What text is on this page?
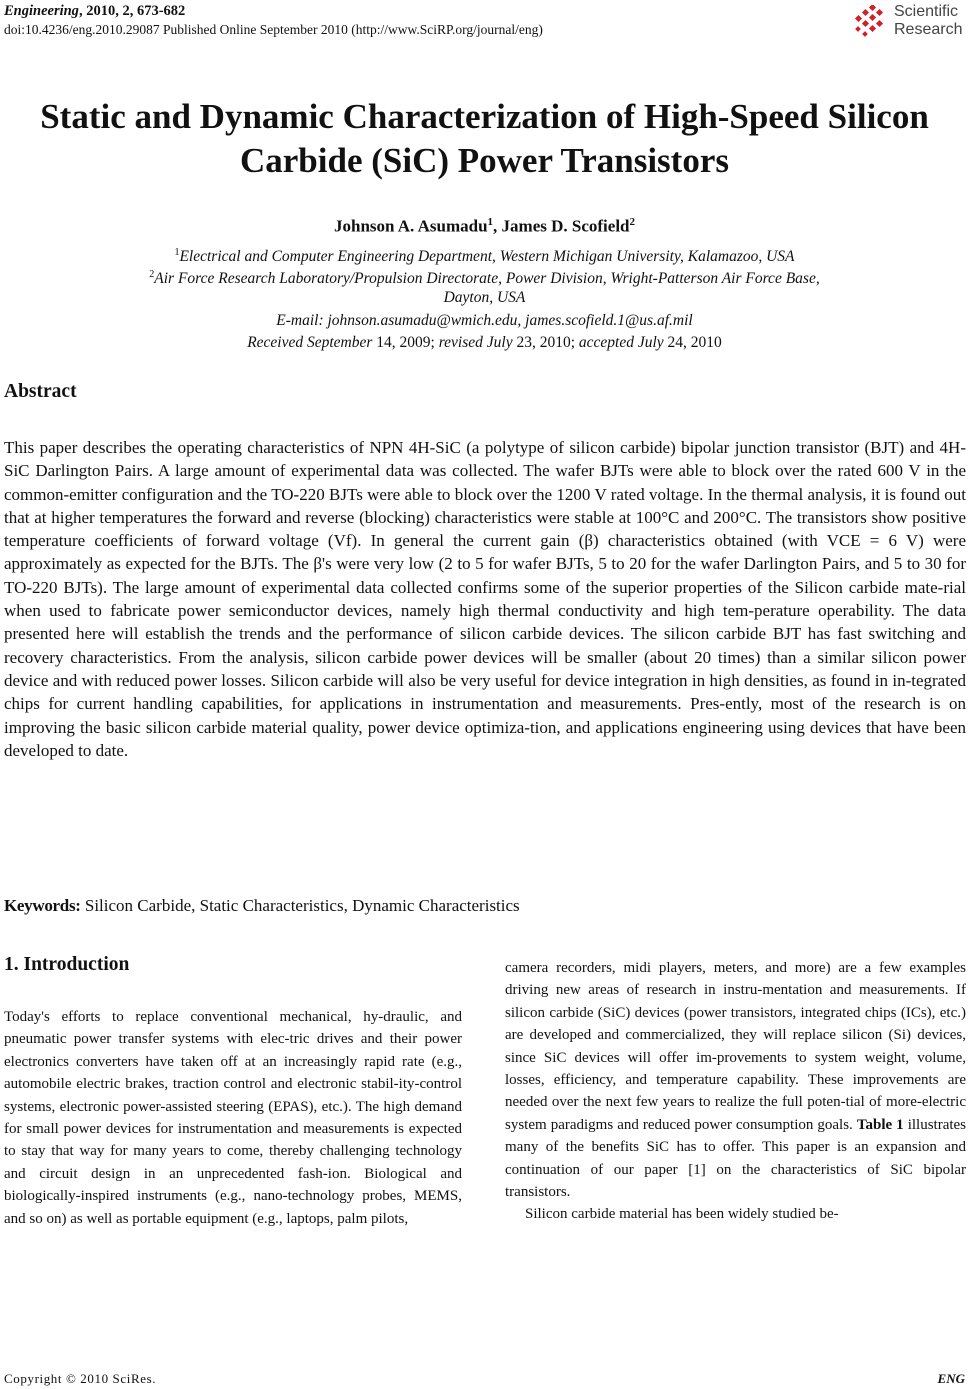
Engineering, 2010, 2, 673-682
doi:10.4236/eng.2010.29087 Published Online September 2010 (http://www.SciRP.org/journal/eng)
Scientific
Research
Static and Dynamic Characterization of High-Speed Silicon
Carbide (SiC) Power Transistors
Johnson A. Asumadu$^1$, James D. Scofield$^2$
$^1$Electrical and Computer Engineering Department, Western Michigan University, Kalamazoo, USA
$^2$Air Force Research Laboratory/Propulsion Directorate, Power Division, Wright-Patterson Air Force Base,
Dayton, USA
E-mail: johnson.asumadu@wmich.edu, james.scofield.1@us.af.mil
Received September 14, 2009; revised July 23, 2010; accepted July 24, 2010
Abstract
This paper describes the operating characteristics of NPN 4H-SiC (a polytype of silicon carbide) bipolar junction transistor (BJT) and 4H-SiC Darlington Pairs. A large amount of experimental data was collected. The wafer BJTs were able to block over the rated 600 V in the common-emitter configuration and the TO-220 BJTs were able to block over the 1200 V rated voltage. In the thermal analysis, it is found out that at higher temperatures the forward and reverse (blocking) characteristics were stable at 100°C and 200°C. The transistors show positive temperature coefficients of forward voltage (Vf). In general the current gain (β) characteristics obtained (with VCE = 6 V) were approximately as expected for the BJTs. The β's were very low (2 to 5 for wafer BJTs, 5 to 20 for the wafer Darlington Pairs, and 5 to 30 for TO-220 BJTs). The large amount of experimental data collected confirms some of the superior properties of the Silicon carbide mate-rial when used to fabricate power semiconductor devices, namely high thermal conductivity and high tem-perature operability. The data presented here will establish the trends and the performance of silicon carbide devices. The silicon carbide BJT has fast switching and recovery characteristics. From the analysis, silicon carbide power devices will be smaller (about 20 times) than a similar silicon power device and with reduced power losses. Silicon carbide will also be very useful for device integration in high densities, as found in in-tegrated chips for current handling capabilities, for applications in instrumentation and measurements. Pres-ently, most of the research is on improving the basic silicon carbide material quality, power device optimiza-tion, and applications engineering using devices that have been developed to date.
Keywords: Silicon Carbide, Static Characteristics, Dynamic Characteristics
1. Introduction

Today's efforts to replace conventional mechanical, hy-draulic, and pneumatic power transfer systems with elec-tric drives and their power electronics converters have taken off at an increasingly rapid rate (e.g., automobile electric brakes, traction control and electronic stabil-ity-control systems, electronic power-assisted steering (EPAS), etc.). The high demand for small power devices for instrumentation and measurements is expected to stay that way for many years to come, thereby challenging technology and circuit design in an unprecedented fash-ion. Biological and biologically-inspired instruments (e.g., nano-technology probes, MEMS, and so on) as well as portable equipment (e.g., laptops, palm pilots,

camera recorders, midi players, meters, and more) are a few examples driving new areas of research in instru-mentation and measurements. If silicon carbide (SiC) devices (power transistors, integrated chips (ICs), etc.) are developed and commercialized, they will replace silicon (Si) devices, since SiC devices will offer im-provements to system weight, volume, losses, efficiency, and temperature capability. These improvements are needed over the next few years to realize the full poten-tial of more-electric system paradigms and reduced power consumption goals. Table 1 illustrates many of the benefits SiC has to offer. This paper is an expansion and continuation of our paper [1] on the characteristics of SiC bipolar transistors.

Silicon carbide material has been widely studied be-

Copyright © 2010 SciRes.	ENG
